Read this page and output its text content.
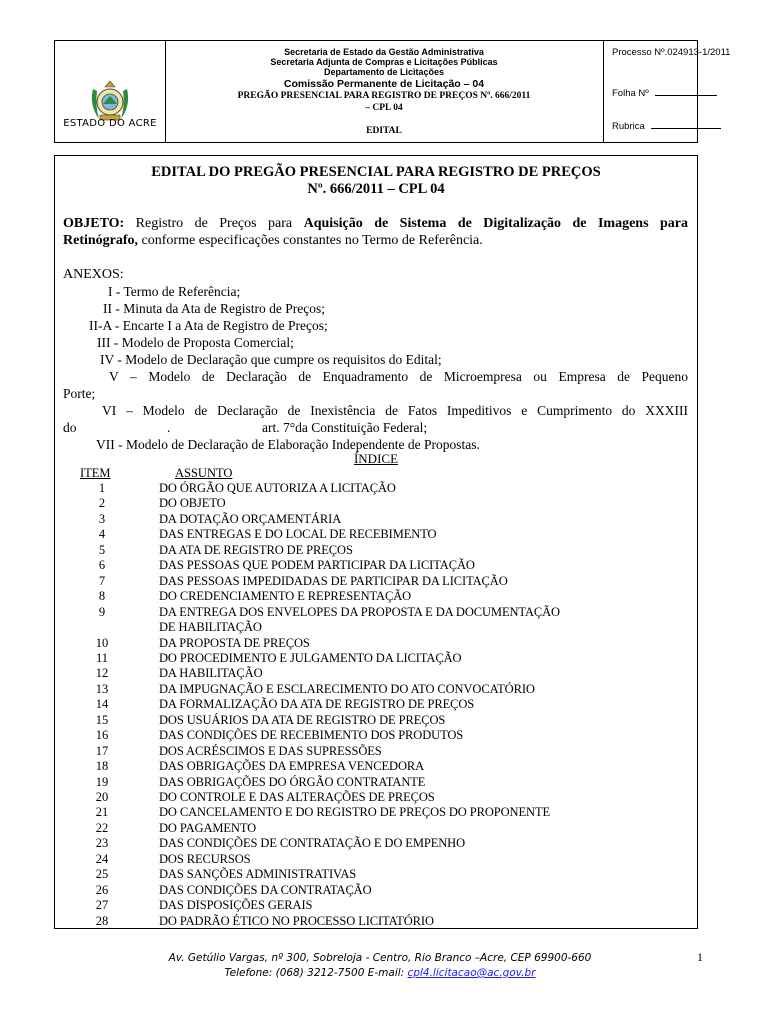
ESTADO DO ACRE
Secretaria de Estado da Gestão Administrativa
Secretaria Adjunta de Compras e Licitações Públicas
Departamento de Licitações
Comissão Permanente de Licitação – 04
PREGÃO PRESENCIAL PARA REGISTRO DE PREÇOS Nº. 666/2011
– CPL 04
EDITAL
Processo Nº.024913-1/2011
Folha Nº
Rubrica
EDITAL DO PREGÃO PRESENCIAL PARA REGISTRO DE PREÇOS
Nº. 666/2011 – CPL 04
OBJETO: Registro de Preços para Aquisição de Sistema de Digitalização de Imagens para
Retinógrafo, conforme especificações constantes no Termo de Referência.
ANEXOS:
I - Termo de Referência;
II - Minuta da Ata de Registro de Preços;
II-A - Encarte I a Ata de Registro de Preços;
III - Modelo de Proposta Comercial;
IV - Modelo de Declaração que cumpre os requisitos do Edital;
V – Modelo de Declaração de Enquadramento de Microempresa ou Empresa de Pequeno
Porte;
VI – Modelo de Declaração de Inexistência de Fatos Impeditivos e Cumprimento do XXXIII
do	.	art. 7°da Constituição Federal;
VII - Modelo de Declaração de Elaboração Independente de Propostas.
ÍNDICE
ITEM	ASSUNTO
1	DO ÓRGÃO QUE AUTORIZA A LICITAÇÃO
2	DO OBJETO
3	DA DOTAÇÃO ORÇAMENTÁRIA
4	DAS ENTREGAS E DO LOCAL DE RECEBIMENTO
5	DA ATA DE REGISTRO DE PREÇOS
6	DAS PESSOAS QUE PODEM PARTICIPAR DA LICITAÇÃO
7	DAS PESSOAS IMPEDIDADAS DE PARTICIPAR DA LICITAÇÃO
8	DO CREDENCIAMENTO E REPRESENTAÇÃO
9	DA ENTREGA DOS ENVELOPES DA PROPOSTA E DA DOCUMENTAÇÃO
DE HABILITAÇÃO
10	DA PROPOSTA DE PREÇOS
11	DO PROCEDIMENTO E JULGAMENTO DA LICITAÇÃO
12	DA HABILITAÇÃO
13	DA IMPUGNAÇÃO E ESCLARECIMENTO DO ATO CONVOCATÓRIO
14	DA FORMALIZAÇÃO DA ATA DE REGISTRO DE PREÇOS
15	DOS USUÁRIOS DA ATA DE REGISTRO DE PREÇOS
16	DAS CONDIÇÕES DE RECEBIMENTO DOS PRODUTOS
17	DOS ACRÉSCIMOS E DAS SUPRESSÕES
18	DAS OBRIGAÇÕES DA EMPRESA VENCEDORA
19	DAS OBRIGAÇÕES DO ÓRGÃO CONTRATANTE
20	DO CONTROLE E DAS ALTERAÇÕES DE PREÇOS
21	DO CANCELAMENTO E DO REGISTRO DE PREÇOS DO PROPONENTE
22	DO PAGAMENTO
23	DAS CONDIÇÕES DE CONTRATAÇÃO E DO EMPENHO
24	DOS RECURSOS
25	DAS SANÇÕES ADMINISTRATIVAS
26	DAS CONDIÇÕES DA CONTRATAÇÃO
27	DAS DISPOSIÇÕES GERAIS
28	DO PADRÃO ÉTICO NO PROCESSO LICITATÓRIO
Av. Getúlio Vargas, nº 300, Sobreloja - Centro, Rio Branco –Acre, CEP 69900-660
Telefone: (068) 3212-7500 E-mail: cpl4.licitacao@ac.gov.br
1
